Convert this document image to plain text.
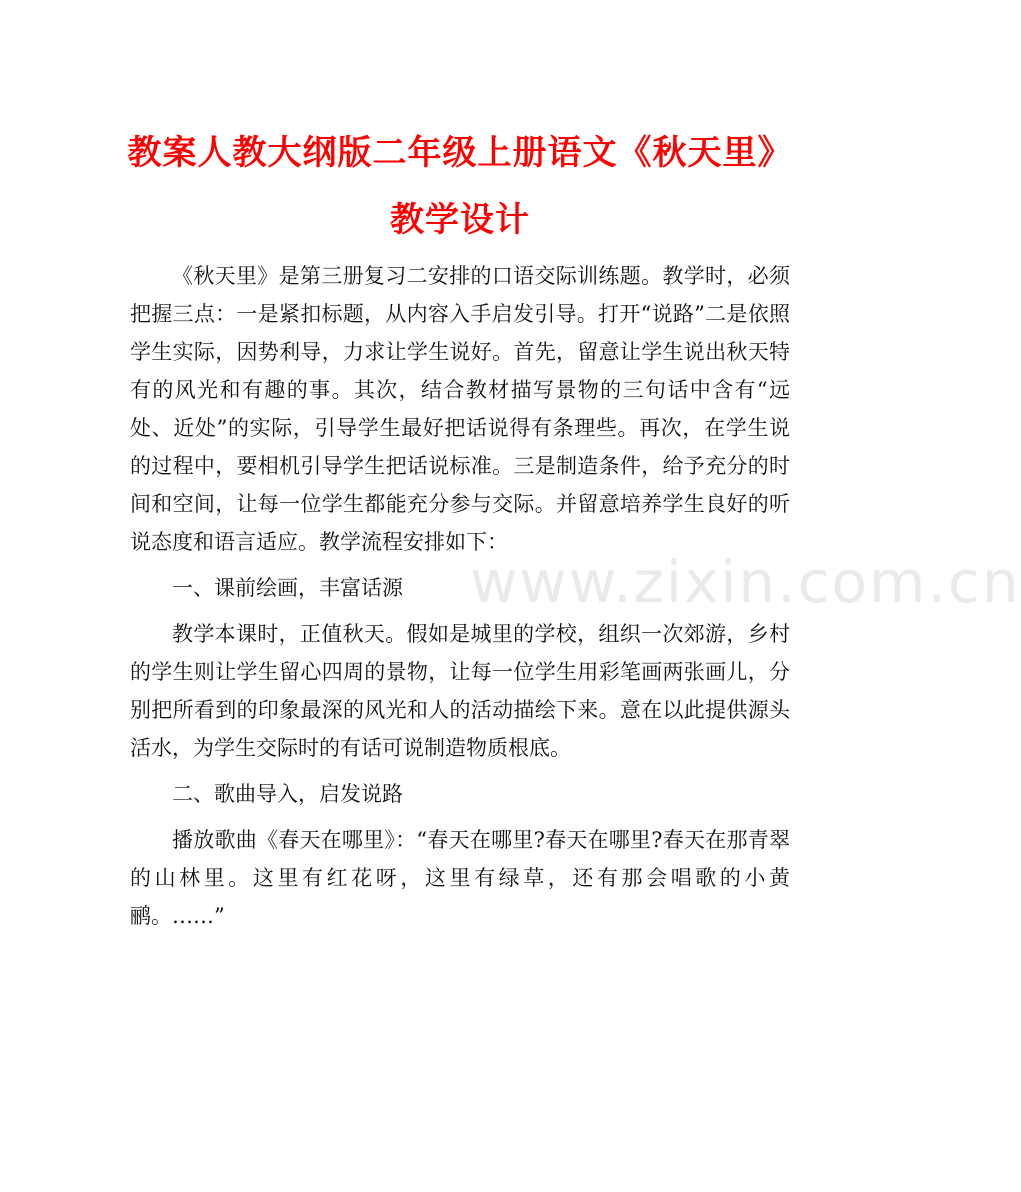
教案人教大纲版二年级上册语文《秋天里》
教学设计

《秋天里》是第三册复习二安排的口语交际训练题。教学时，必须把握三点：一是紧扣标题，从内容入手启发引导。打开“说路”二是依照学生实际，因势利导，力求让学生说好。首先，留意让学生说出秋天特有的风光和有趣的事。其次，结合教材描写景物的三句话中含有“远处、近处”的实际，引导学生最好把话说得有条理些。再次，在学生说的过程中，要相机引导学生把话说标准。三是制造条件，给予充分的时间和空间，让每一位学生都能充分参与交际。并留意培养学生良好的听说态度和语言适应。教学流程安排如下：

一、课前绘画，丰富话源

教学本课时，正值秋天。假如是城里的学校，组织一次郊游，乡村的学生则让学生留心四周的景物，让每一位学生用彩笔画两张画儿，分别把所看到的印象最深的风光和人的活动描绘下来。意在以此提供源头活水，为学生交际时的有话可说制造物质根底。

二、歌曲导入，启发说路

播放歌曲《春天在哪里》：“春天在哪里?春天在哪里?春天在那青翠的山林里。这里有红花呀，这里有绿草，还有那会唱歌的小黄鹂。……”

www.zixin.com.cn
